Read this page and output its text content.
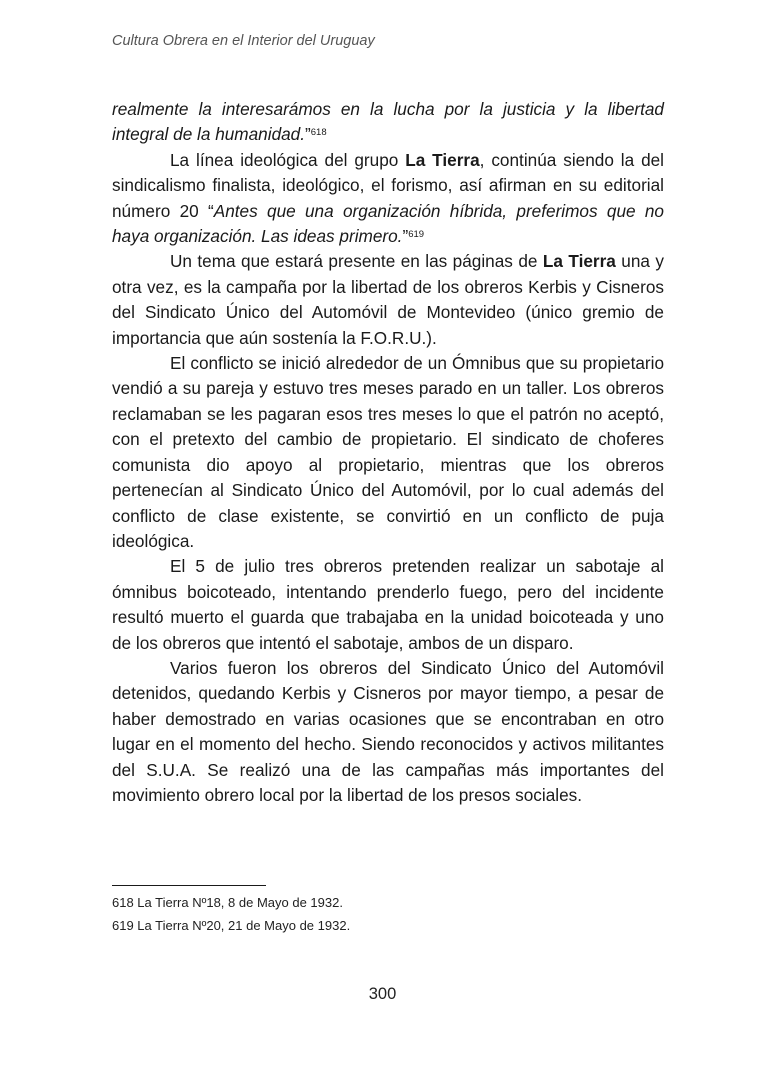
Cultura Obrera en el Interior del Uruguay

realmente la interesarámos en la lucha por la justicia y la libertad integral de la humanidad.”$^{618}$

La línea ideológica del grupo La Tierra, continúa siendo la del sindicalismo finalista, ideológico, el forismo, así afirman en su editorial número 20 “Antes que una organización híbrida, preferimos que no haya organización. Las ideas primero.”$^{619}$

Un tema que estará presente en las páginas de La Tierra una y otra vez, es la campaña por la libertad de los obreros Kerbis y Cisneros del Sindicato Único del Automóvil de Montevideo (único gremio de importancia que aún sostenía la F.O.R.U.).

El conflicto se inició alrededor de un Ómnibus que su propietario vendió a su pareja y estuvo tres meses parado en un taller. Los obreros reclamaban se les pagaran esos tres meses lo que el patrón no aceptó, con el pretexto del cambio de propietario. El sindicato de choferes comunista dio apoyo al propietario, mientras que los obreros pertenecían al Sindicato Único del Automóvil, por lo cual además del conflicto de clase existente, se convirtió en un conflicto de puja ideológica.

El 5 de julio tres obreros pretenden realizar un sabotaje al ómnibus boicoteado, intentando prenderlo fuego, pero del incidente resultó muerto el guarda que trabajaba en la unidad boicoteada y uno de los obreros que intentó el sabotaje, ambos de un disparo.

Varios fueron los obreros del Sindicato Único del Automóvil detenidos, quedando Kerbis y Cisneros por mayor tiempo, a pesar de haber demostrado en varias ocasiones que se encontraban en otro lugar en el momento del hecho. Siendo reconocidos y activos militantes del S.U.A. Se realizó una de las campañas más importantes del movimiento obrero local por la libertad de los presos sociales.

618 La Tierra Nº18, 8 de Mayo de 1932.
619 La Tierra Nº20, 21 de Mayo de 1932.
300
